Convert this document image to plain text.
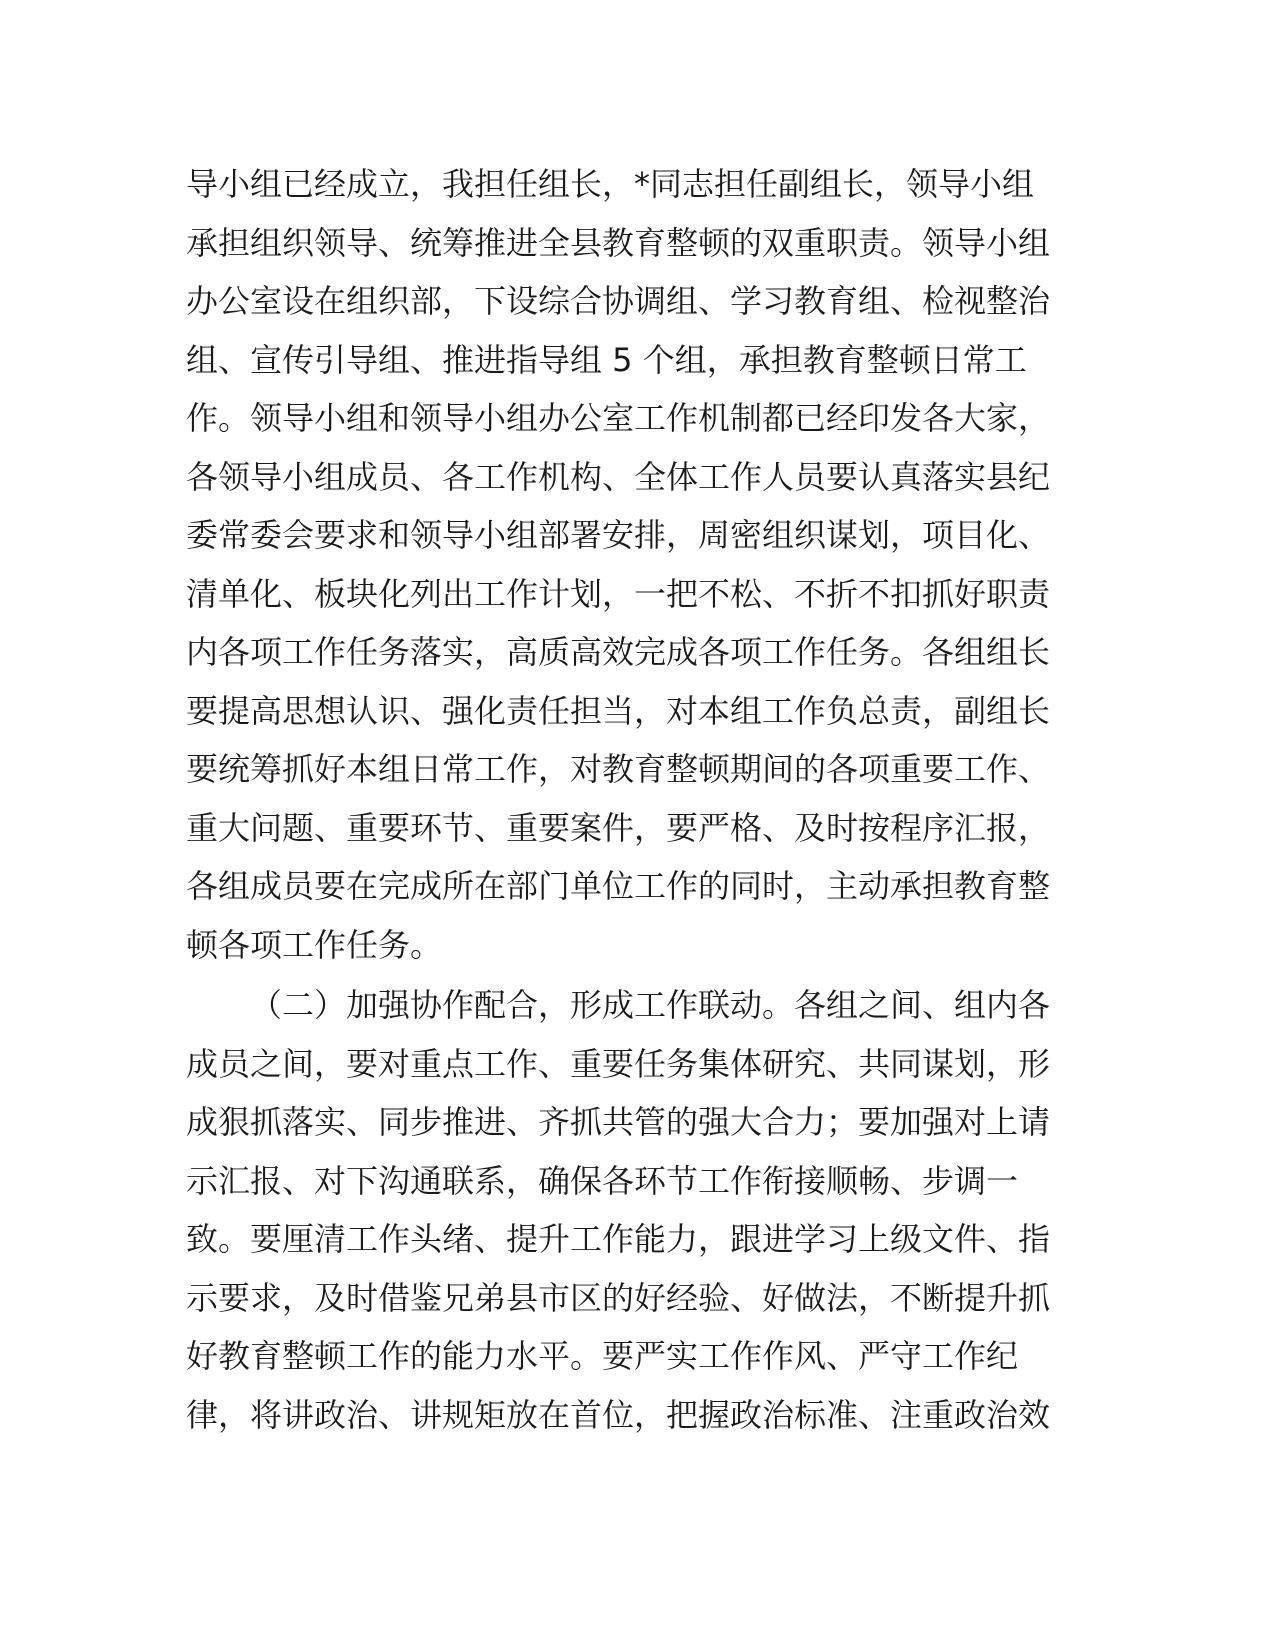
导小组已经成立，我担任组长，*同志担任副组长，领导小组
承担组织领导、统筹推进全县教育整顿的双重职责。领导小组
办公室设在组织部，下设综合协调组、学习教育组、检视整治
组、宣传引导组、推进指导组 5 个组，承担教育整顿日常工
作。领导小组和领导小组办公室工作机制都已经印发各大家，
各领导小组成员、各工作机构、全体工作人员要认真落实县纪
委常委会要求和领导小组部署安排，周密组织谋划，项目化、
清单化、板块化列出工作计划，一把不松、不折不扣抓好职责
内各项工作任务落实，高质高效完成各项工作任务。各组组长
要提高思想认识、强化责任担当，对本组工作负总责，副组长
要统筹抓好本组日常工作，对教育整顿期间的各项重要工作、
重大问题、重要环节、重要案件，要严格、及时按程序汇报，
各组成员要在完成所在部门单位工作的同时，主动承担教育整
顿各项工作任务。

（二）加强协作配合，形成工作联动。各组之间、组内各
成员之间，要对重点工作、重要任务集体研究、共同谋划，形
成狠抓落实、同步推进、齐抓共管的强大合力；要加强对上请
示汇报、对下沟通联系，确保各环节工作衔接顺畅、步调一
致。要厘清工作头绪、提升工作能力，跟进学习上级文件、指
示要求，及时借鉴兄弟县市区的好经验、好做法，不断提升抓
好教育整顿工作的能力水平。要严实工作作风、严守工作纪
律，将讲政治、讲规矩放在首位，把握政治标准、注重政治效
